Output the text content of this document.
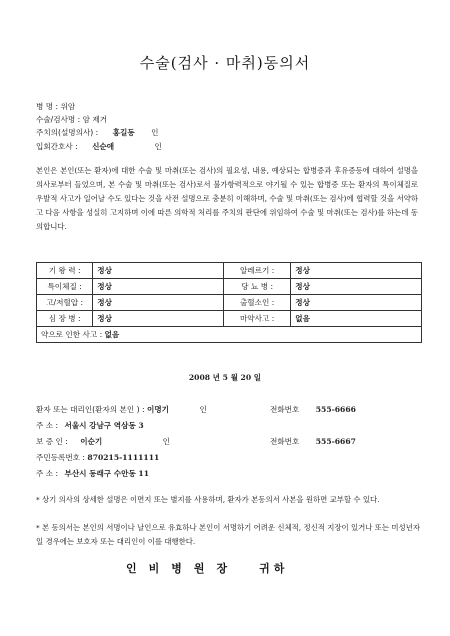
수술(검사 · 마취)동의서
병 명 : 위암
수술/검사명 : 암 제거
주치의(설명의사) : 홍길동 인
입회간호사 : 신순애	인
본인은 본인(또는 환자)에 대한 수술 및 마취(또는 검사)의 필요성, 내용, 예상되는 합병증과 후유증등에 대하여 설명을 의사로부터 들었으며, 본 수술 및 마취(또는 검사)로서 불가항력적으로 야기될 수 있는 합병증 또는 환자의 특이체질로 우발적 사고가 일어날 수도 있다는 것을 사전 설명으로 충분히 이해하며, 수술 및 마취(또는 검사)에 협력할 것을 서약하고 다음 사항을 성실히 고지하며 이에 따른 의학적 처리를 주치의 판단에 위임하여 수술 및 마취(또는 검사)를 하는데 동의합니다.
기 왕 력 :	정상	알레르기 :	정상
특이체질 :	정상	당 뇨 병 :	정상
고/저혈압 :	정상	출혈소인 :	정상
심 장 병 :	정상	마약사고 :	없음
약으로 인한 사고 : 없음			
2008 년 5 월 20 일
환자 또는 대리인(환자의 본인 ) : 이명기	인	전화번호 555-6666
주 소 : 서울시 강남구 역삼동 3
보 증 인 : 이순기	인	전화번호 555-6667
주민등록번호 : 870215-1111111
주 소 : 부산시 동래구 수안동 11
* 상기 의사의 상세한 설명은 이면지 또는 별지를 사용하며, 환자가 본동의서 사본을 원하면 교부할 수 있다.
* 본 동의서는 본인의 서명이나 날인으로 유효하나 본인이 서명하기 어려운 신체적, 정신적 지장이 있거나 또는 미성년자일 경우에는 보호자 또는 대리인이 이를 대행한다.
인비병원장 귀하
